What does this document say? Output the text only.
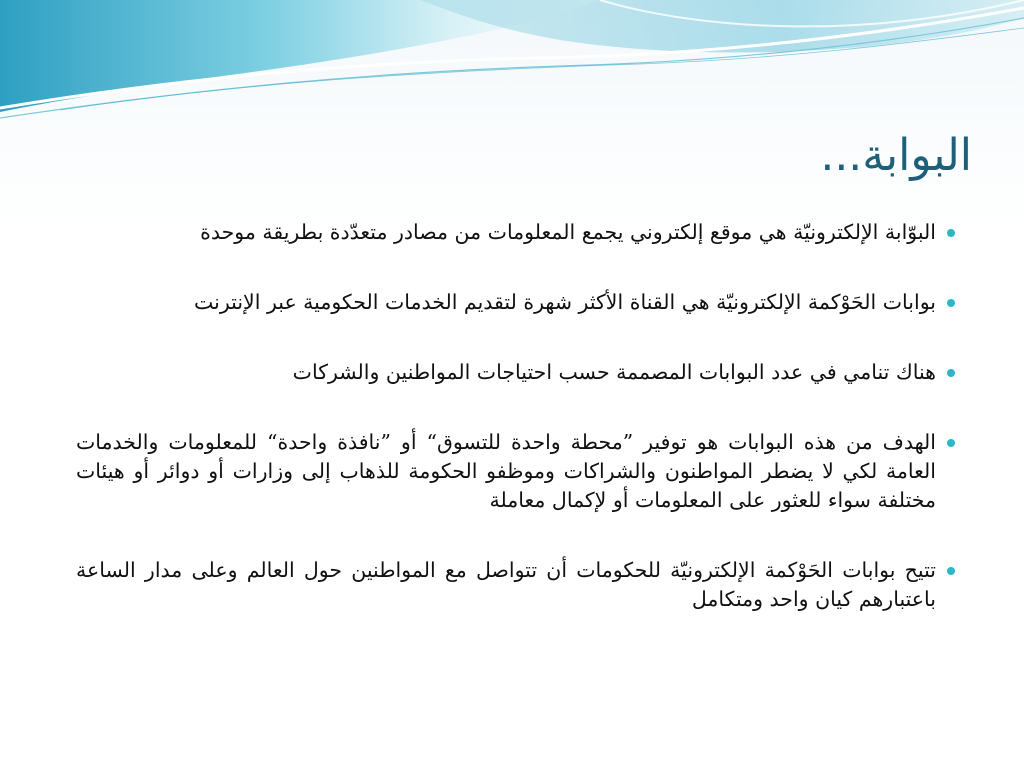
البوابة...
البوّابة الإلكترونيّة هي موقع إلكتروني يجمع المعلومات من مصادر متعدّدة بطريقة موحدة
بوابات الحَوْكمة الإلكترونيّة هي القناة الأكثر شهرة لتقديم الخدمات الحكومية عبر الإنترنت
هناك تنامي في عدد البوابات المصممة حسب احتياجات المواطنين والشركات
الهدف من هذه البوابات هو توفير ”محطة واحدة للتسوق“ أو ”نافذة واحدة“ للمعلومات والخدمات العامة لكي لا يضطر المواطنون والشراكات وموظفو الحكومة للذهاب إلى وزارات أو دوائر أو هيئات مختلفة سواء للعثور على المعلومات أو لإكمال معاملة
تتيح بوابات الحَوْكمة الإلكترونيّة للحكومات أن تتواصل مع المواطنين حول العالم وعلى مدار الساعة باعتبارهم كيان واحد ومتكامل
